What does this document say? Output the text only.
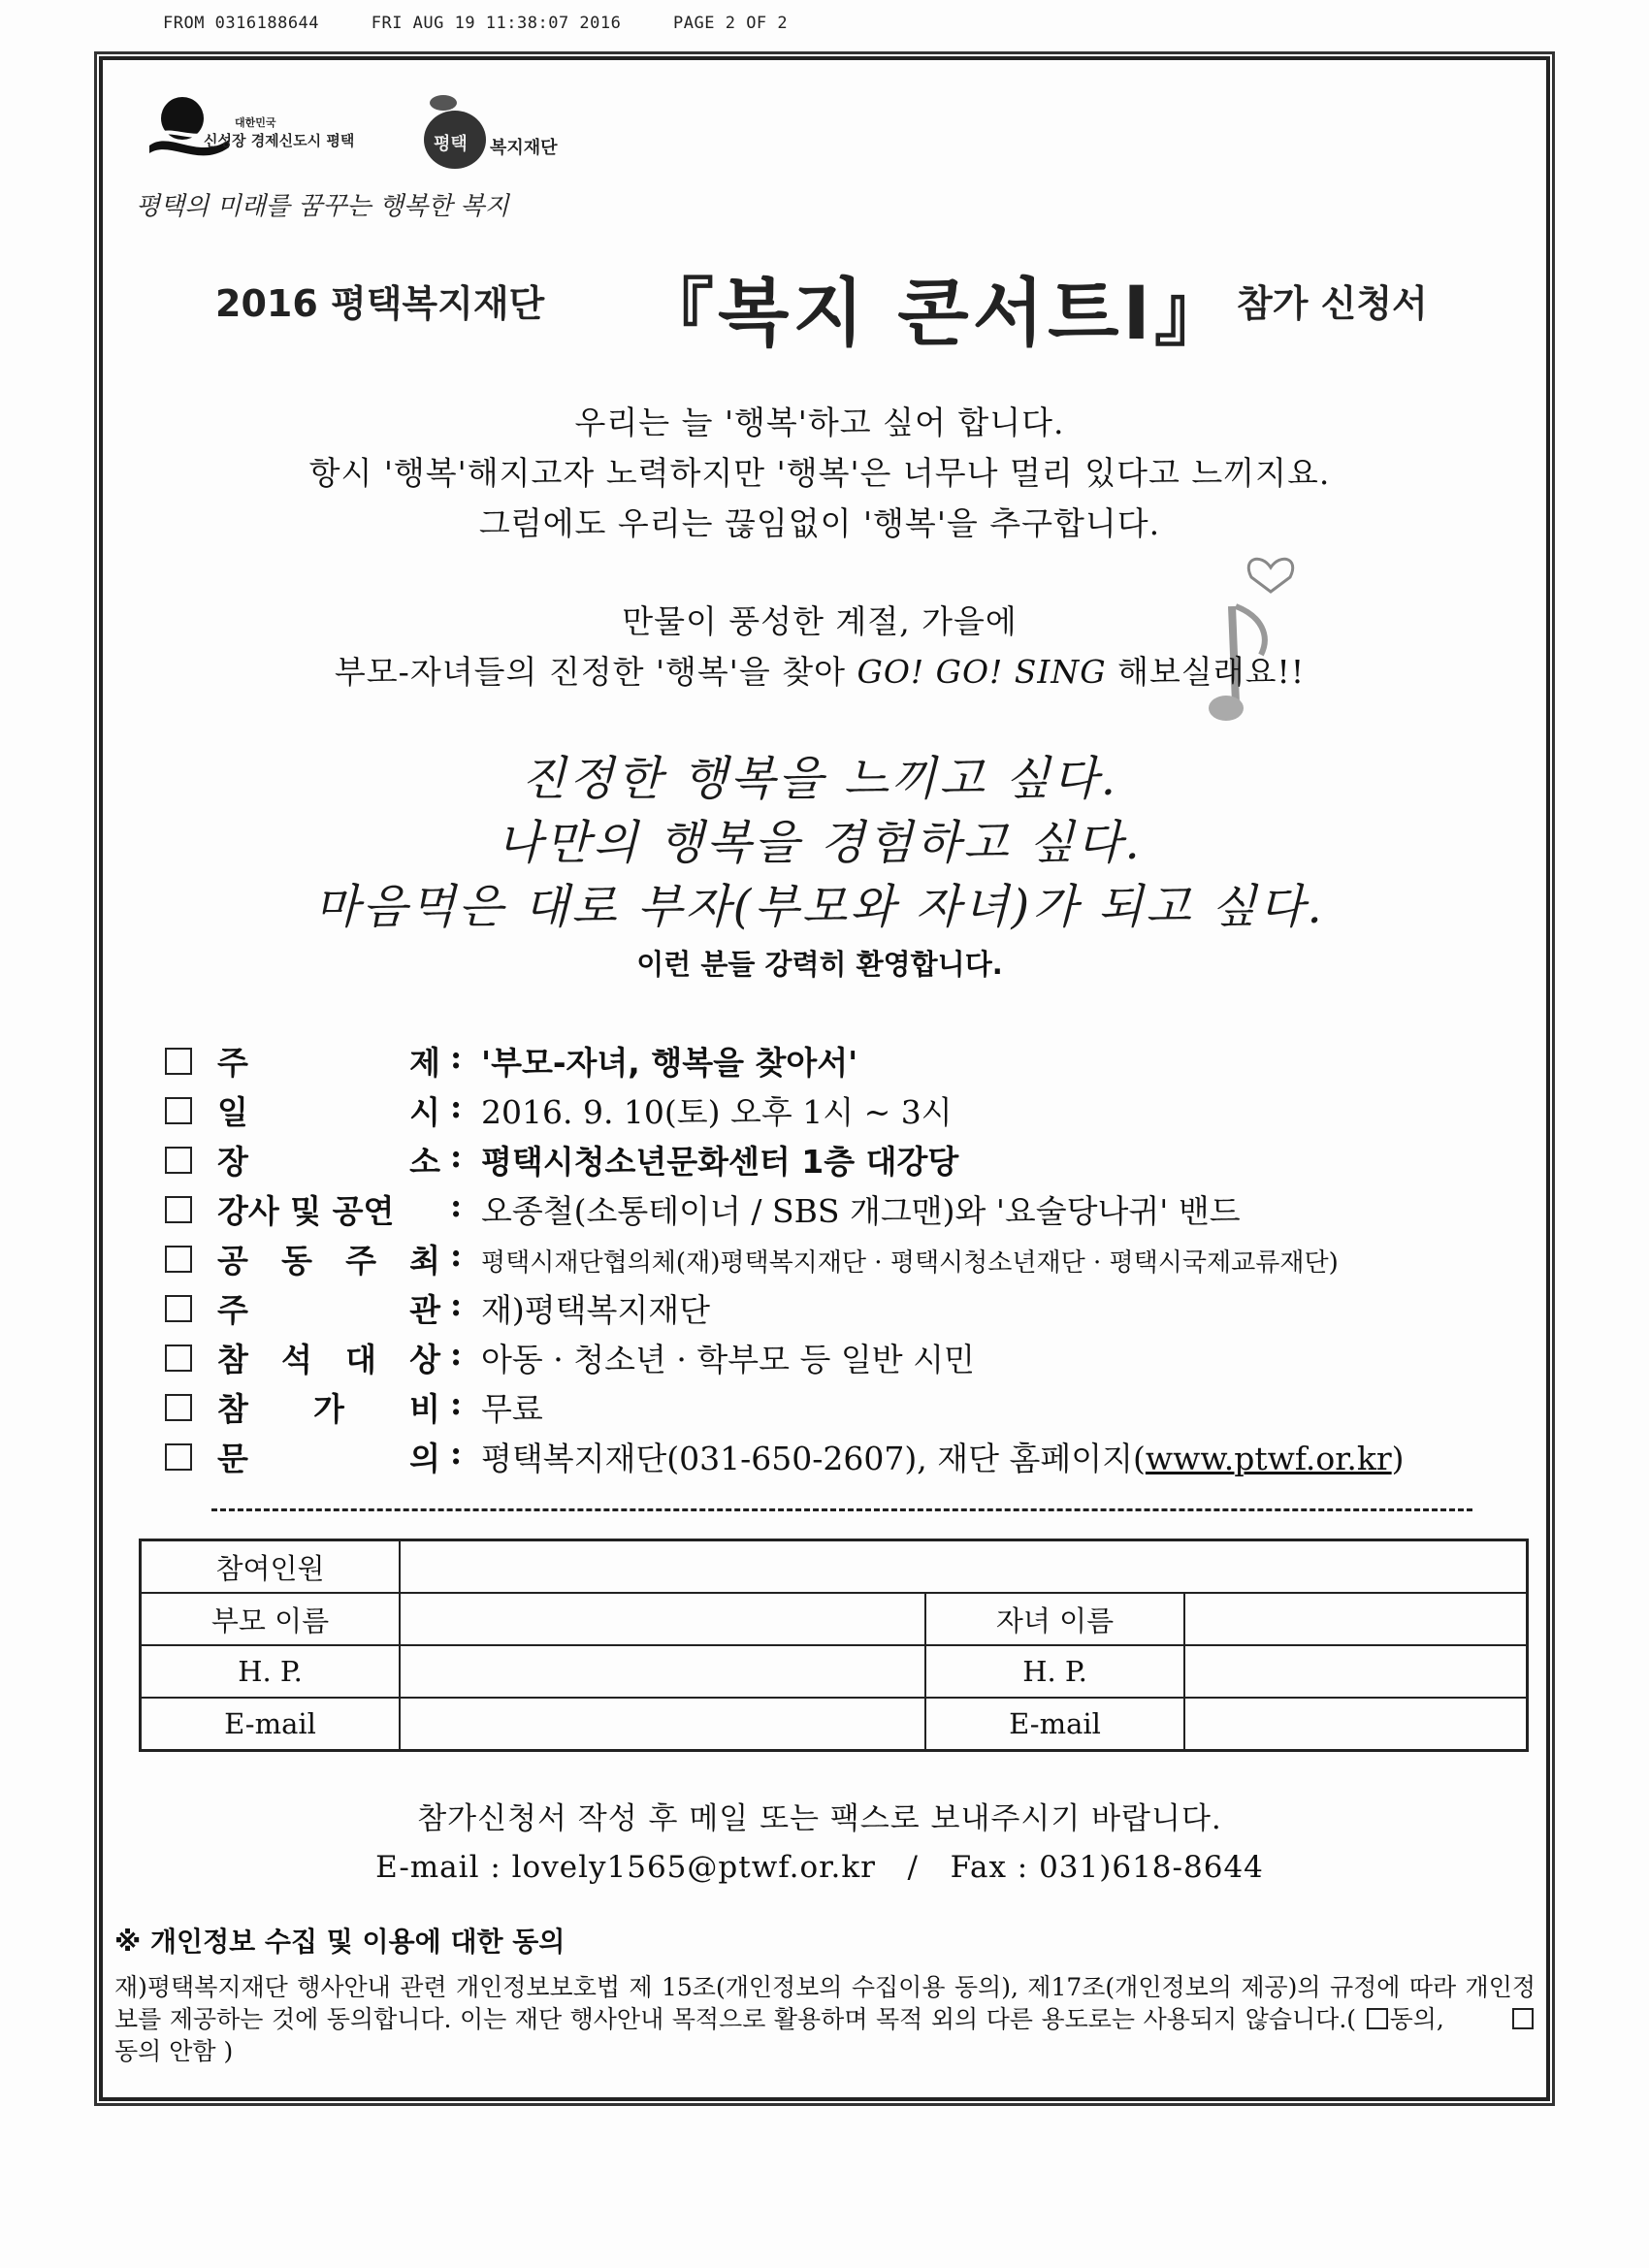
FROM 0316188644	FRI AUG 19 11:38:07 2016	PAGE 2 OF 2
대한민국
신성장 경제신도시 평택	평택 복지재단
평택의 미래를 꿈꾸는 행복한 복지
2016 평택복지재단 『복지 콘서트Ⅰ』 참가 신청서
우리는 늘 '행복'하고 싶어 합니다.
항시 '행복'해지고자 노력하지만 '행복'은 너무나 멀리 있다고 느끼지요.
그럼에도 우리는 끊임없이 '행복'을 추구합니다.
만물이 풍성한 계절, 가을에
부모-자녀들의 진정한 '행복'을 찾아 GO! GO! SING 해보실래요!!
진정한 행복을 느끼고 싶다.
나만의 행복을 경험하고 싶다.
마음먹은 대로 부자(부모와 자녀)가 되고 싶다.
이런 분들 강력히 환영합니다.
주	제 : '부모-자녀, 행복을 찾아서'
일	시 : 2016. 9. 10(토) 오후 1시 ~ 3시
장	소 : 평택시청소년문화센터 1층 대강당
강사 및 공연 : 오종철(소통테이너 / SBS 개그맨)와 '요술당나귀' 밴드
공 동 주 최 : 평택시재단협의체(재)평택복지재단 · 평택시청소년재단 · 평택시국제교류재단)
주	관 : 재)평택복지재단
참 석 대 상 : 아동 · 청소년 · 학부모 등 일반 시민
참 가 비 : 무료
문	의 : 평택복지재단(031-650-2607), 재단 홈페이지(www.ptwf.or.kr)
참여인원			
부모 이름		자녀 이름	
H. P.		H. P.	
E-mail		E-mail	
참가신청서 작성 후 메일 또는 팩스로 보내주시기 바랍니다.
E-mail : lovely1565@ptwf.or.kr   /   Fax : 031)618-8644
※ 개인정보 수집 및 이용에 대한 동의
재)평택복지재단 행사안내 관련 개인정보보호법 제 15조(개인정보의 수집이용 동의), 제17조(개인정보의 제공)의 규정에 따라 개인정보를 제공하는 것에 동의합니다. 이는 재단 행사안내 목적으로 활용하며 목적 외의 다른 용도로는 사용되지 않습니다.( 동의,        동의 안함 )
